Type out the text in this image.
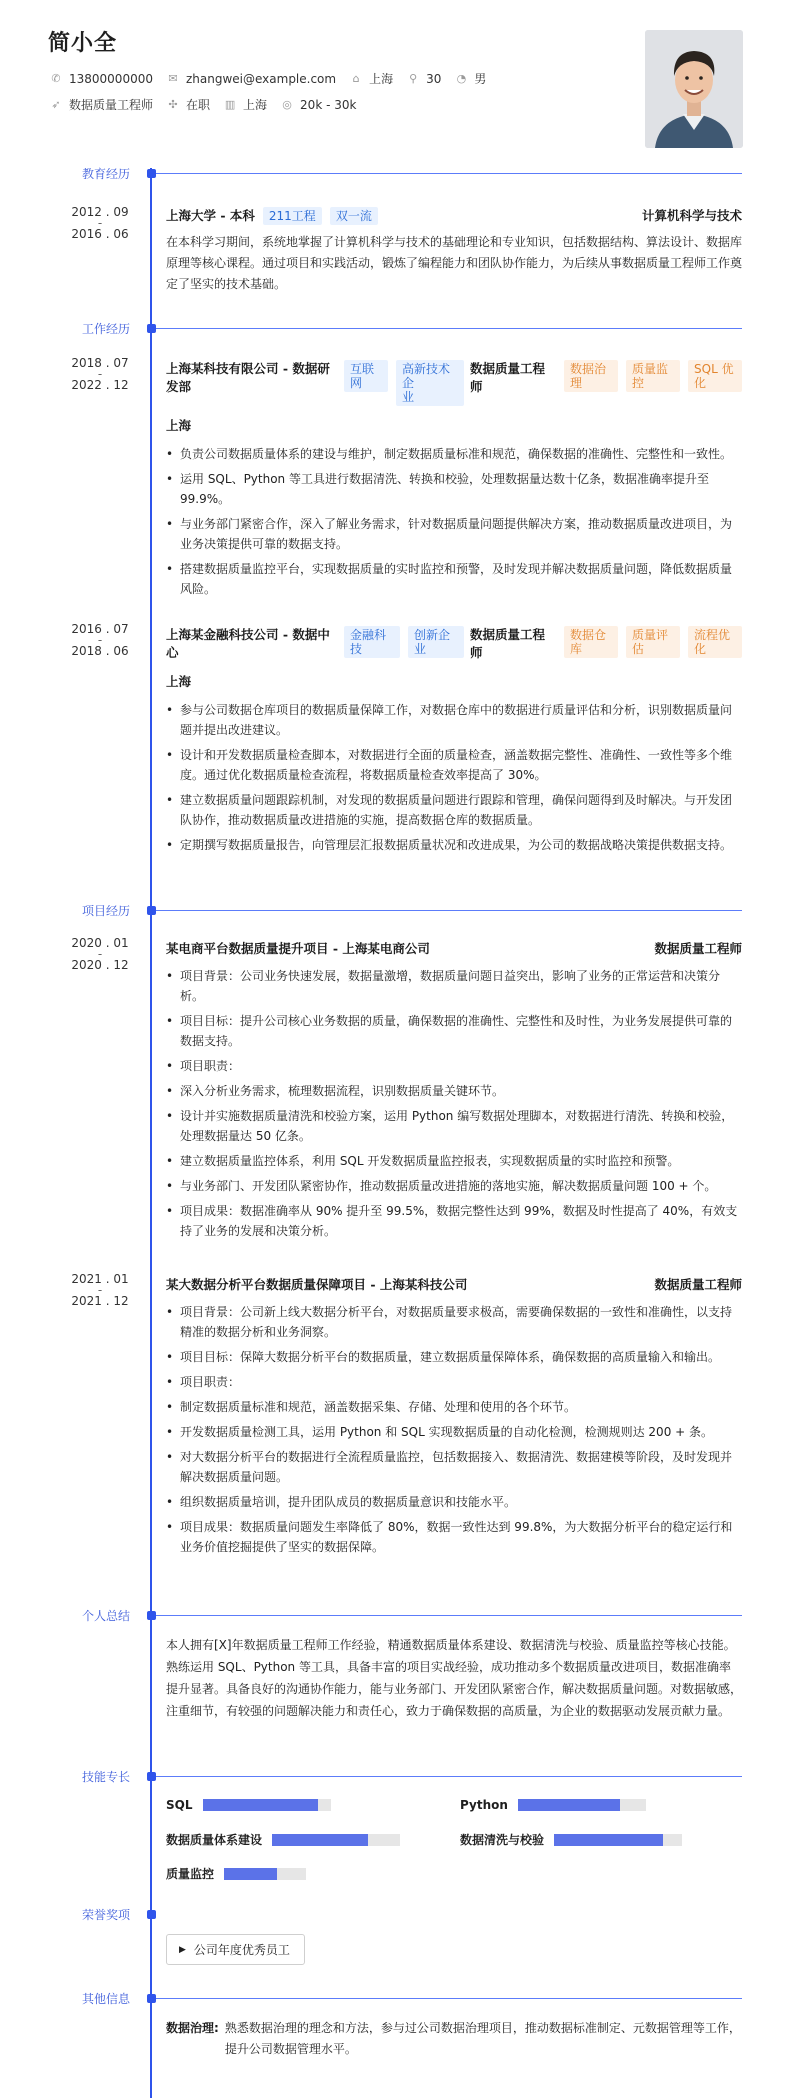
简小全
✆ 13800000000 ✉ zhangwei@example.com ⌂ 上海 ⚲ 30 ◔ 男
➶ 数据质量工程师 ✣ 在职 ▥ 上海 ◎ 20k - 30k
教育经历
2012 . 09
-
2016 . 06
上海大学 - 本科	211工程	双一流	计算机科学与技术
在本科学习期间，系统地掌握了计算机科学与技术的基础理论和专业知识，包括数据结构、算法设计、数据库原理等核心课程。通过项目和实践活动，锻炼了编程能力和团队协作能力，为后续从事数据质量工程师工作奠定了坚实的技术基础。
工作经历
2018 . 07
-
2022 . 12
上海某科技有限公司 - 数据研
发部
互联
网
高新技术企
业
数据质量工程
师
数据治
理
质量监
控
SQL 优
化
上海
• 负责公司数据质量体系的建设与维护，制定数据质量标准和规范，确保数据的准确性、完整性和一致性。
• 运用 SQL、Python 等工具进行数据清洗、转换和校验，处理数据量达数十亿条，数据准确率提升至 99.9%。
• 与业务部门紧密合作，深入了解业务需求，针对数据质量问题提供解决方案，推动数据质量改进项目，为业务决策提供可靠的数据支持。
• 搭建数据质量监控平台，实现数据质量的实时监控和预警，及时发现并解决数据质量问题，降低数据质量风险。
2016 . 07
-
2018 . 06
上海某金融科技公司 - 数据中
心
金融科
技
创新企
业
数据质量工程
师
数据仓
库
质量评
估
流程优
化
上海
• 参与公司数据仓库项目的数据质量保障工作，对数据仓库中的数据进行质量评估和分析，识别数据质量问题并提出改进建议。
• 设计和开发数据质量检查脚本，对数据进行全面的质量检查，涵盖数据完整性、准确性、一致性等多个维度。通过优化数据质量检查流程，将数据质量检查效率提高了 30%。
• 建立数据质量问题跟踪机制，对发现的数据质量问题进行跟踪和管理，确保问题得到及时解决。与开发团队协作，推动数据质量改进措施的实施，提高数据仓库的数据质量。
• 定期撰写数据质量报告，向管理层汇报数据质量状况和改进成果，为公司的数据战略决策提供数据支持。
项目经历
2020 . 01
-
2020 . 12
某电商平台数据质量提升项目 - 上海某电商公司	数据质量工程师
• 项目背景：公司业务快速发展，数据量激增，数据质量问题日益突出，影响了业务的正常运营和决策分析。
• 项目目标：提升公司核心业务数据的质量，确保数据的准确性、完整性和及时性，为业务发展提供可靠的数据支持。
• 项目职责：
• 深入分析业务需求，梳理数据流程，识别数据质量关键环节。
• 设计并实施数据质量清洗和校验方案，运用 Python 编写数据处理脚本，对数据进行清洗、转换和校验，处理数据量达 50 亿条。
• 建立数据质量监控体系，利用 SQL 开发数据质量监控报表，实现数据质量的实时监控和预警。
• 与业务部门、开发团队紧密协作，推动数据质量改进措施的落地实施，解决数据质量问题 100 + 个。
• 项目成果：数据准确率从 90% 提升至 99.5%，数据完整性达到 99%，数据及时性提高了 40%，有效支持了业务的发展和决策分析。
2021 . 01
-
2021 . 12
某大数据分析平台数据质量保障项目 - 上海某科技公司	数据质量工程师
• 项目背景：公司新上线大数据分析平台，对数据质量要求极高，需要确保数据的一致性和准确性，以支持精准的数据分析和业务洞察。
• 项目目标：保障大数据分析平台的数据质量，建立数据质量保障体系，确保数据的高质量输入和输出。
• 项目职责：
• 制定数据质量标准和规范，涵盖数据采集、存储、处理和使用的各个环节。
• 开发数据质量检测工具，运用 Python 和 SQL 实现数据质量的自动化检测，检测规则达 200 + 条。
• 对大数据分析平台的数据进行全流程质量监控，包括数据接入、数据清洗、数据建模等阶段，及时发现并解决数据质量问题。
• 组织数据质量培训，提升团队成员的数据质量意识和技能水平。
• 项目成果：数据质量问题发生率降低了 80%，数据一致性达到 99.8%，为大数据分析平台的稳定运行和业务价值挖掘提供了坚实的数据保障。
个人总结
本人拥有[X]年数据质量工程师工作经验，精通数据质量体系建设、数据清洗与校验、质量监控等核心技能。熟练运用 SQL、Python 等工具，具备丰富的项目实战经验，成功推动多个数据质量改进项目，数据准确率提升显著。具备良好的沟通协作能力，能与业务部门、开发团队紧密合作，解决数据质量问题。对数据敏感，注重细节，有较强的问题解决能力和责任心，致力于确保数据的高质量，为企业的数据驱动发展贡献力量。
技能专长
SQL	Python
数据质量体系建设	数据清洗与校验
质量监控
荣誉奖项
▶ 公司年度优秀员工
其他信息
数据治理: 熟悉数据治理的理念和方法，参与过公司数据治理项目，推动数据标准制定、元数据管理等工作，
提升公司数据管理水平。
